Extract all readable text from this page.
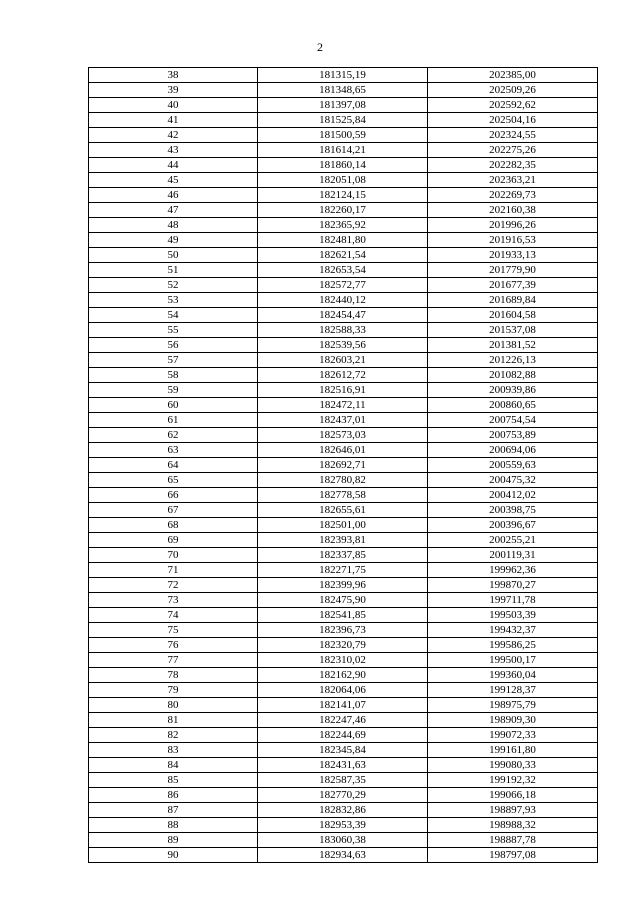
2
38	181315,19	202385,00
39	181348,65	202509,26
40	181397,08	202592,62
41	181525,84	202504,16
42	181500,59	202324,55
43	181614,21	202275,26
44	181860,14	202282,35
45	182051,08	202363,21
46	182124,15	202269,73
47	182260,17	202160,38
48	182365,92	201996,26
49	182481,80	201916,53
50	182621,54	201933,13
51	182653,54	201779,90
52	182572,77	201677,39
53	182440,12	201689,84
54	182454,47	201604,58
55	182588,33	201537,08
56	182539,56	201381,52
57	182603,21	201226,13
58	182612,72	201082,88
59	182516,91	200939,86
60	182472,11	200860,65
61	182437,01	200754,54
62	182573,03	200753,89
63	182646,01	200694,06
64	182692,71	200559,63
65	182780,82	200475,32
66	182778,58	200412,02
67	182655,61	200398,75
68	182501,00	200396,67
69	182393,81	200255,21
70	182337,85	200119,31
71	182271,75	199962,36
72	182399,96	199870,27
73	182475,90	199711,78
74	182541,85	199503,39
75	182396,73	199432,37
76	182320,79	199586,25
77	182310,02	199500,17
78	182162,90	199360,04
79	182064,06	199128,37
80	182141,07	198975,79
81	182247,46	198909,30
82	182244,69	199072,33
83	182345,84	199161,80
84	182431,63	199080,33
85	182587,35	199192,32
86	182770,29	199066,18
87	182832,86	198897,93
88	182953,39	198988,32
89	183060,38	198887,78
90	182934,63	198797,08
